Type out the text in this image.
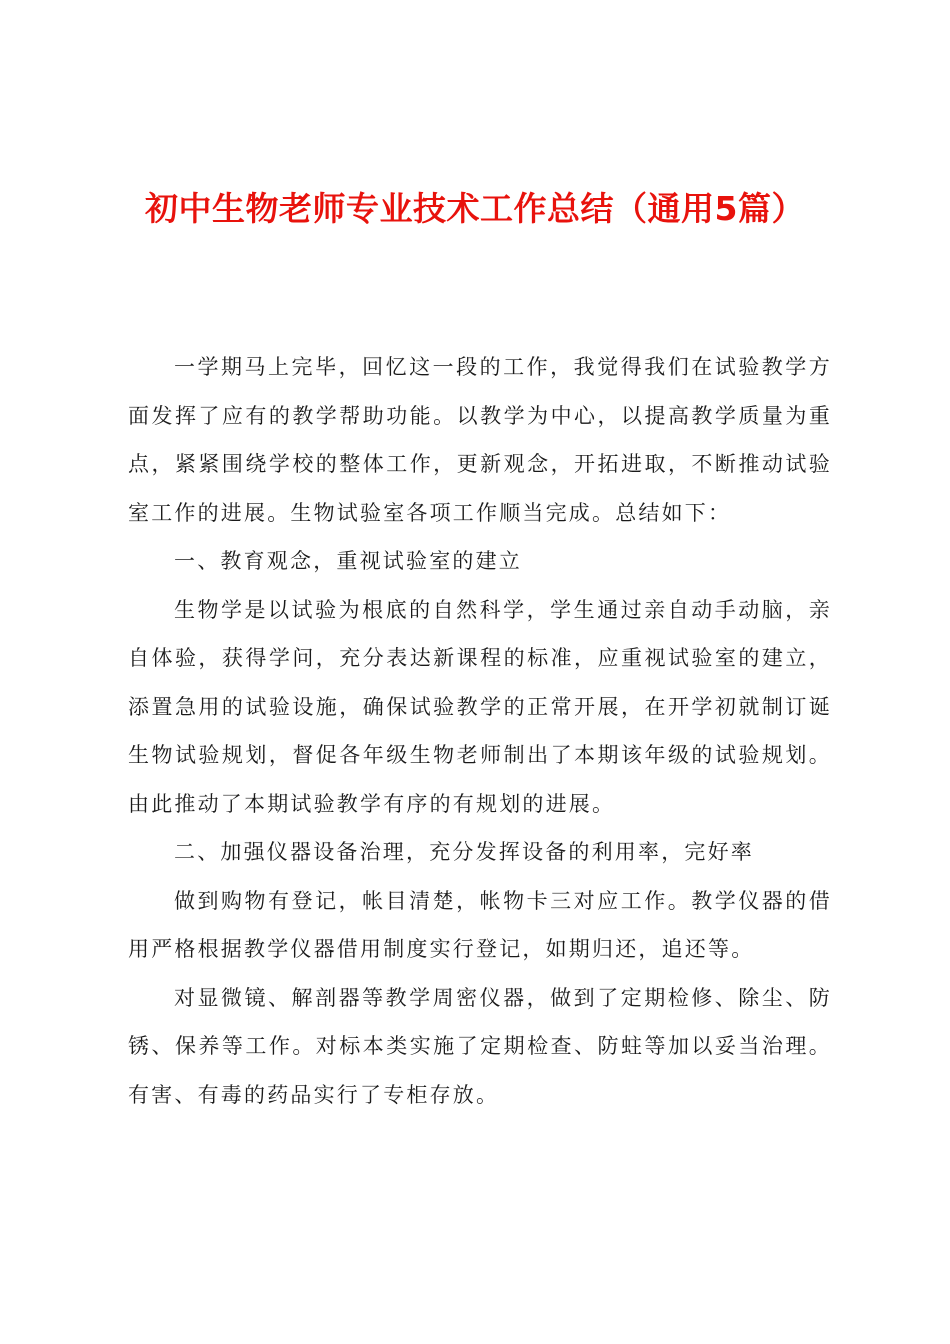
初中生物老师专业技术工作总结（通用5篇）

一学期马上完毕，回忆这一段的工作，我觉得我们在试验教学方面发挥了应有的教学帮助功能。以教学为中心，以提高教学质量为重点，紧紧围绕学校的整体工作，更新观念，开拓进取，不断推动试验室工作的进展。生物试验室各项工作顺当完成。总结如下：

一、教育观念，重视试验室的建立

生物学是以试验为根底的自然科学，学生通过亲自动手动脑，亲自体验，获得学问，充分表达新课程的标准，应重视试验室的建立，添置急用的试验设施，确保试验教学的正常开展，在开学初就制订诞生物试验规划，督促各年级生物老师制出了本期该年级的试验规划。由此推动了本期试验教学有序的有规划的进展。

二、加强仪器设备治理，充分发挥设备的利用率，完好率

做到购物有登记，帐目清楚，帐物卡三对应工作。教学仪器的借用严格根据教学仪器借用制度实行登记，如期归还，追还等。

对显微镜、解剖器等教学周密仪器，做到了定期检修、除尘、防锈、保养等工作。对标本类实施了定期检查、防蛀等加以妥当治理。有害、有毒的药品实行了专柜存放。
